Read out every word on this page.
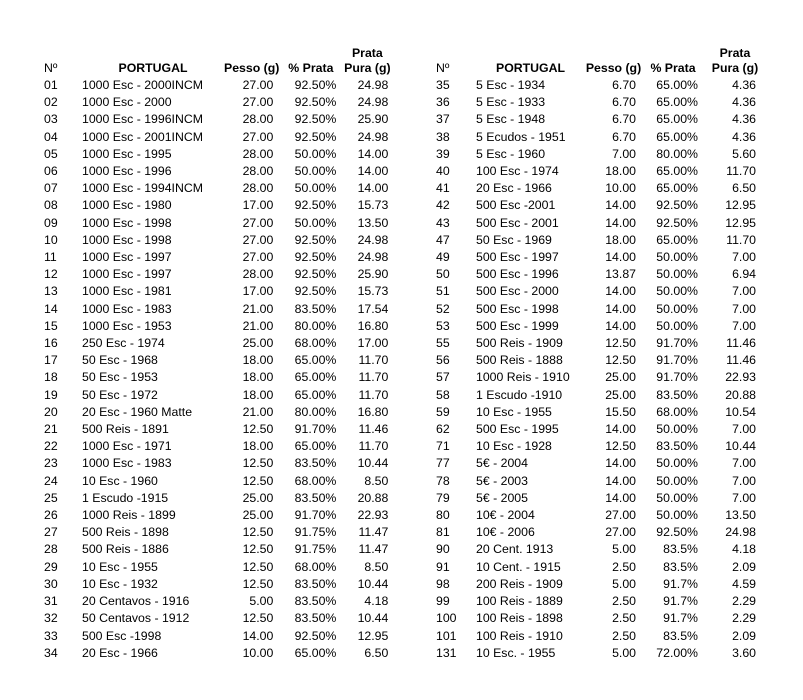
Nº	PORTUGAL	Pesso (g)	% Prata	Prata
Pura (g)
01	1000 Esc - 2000INCM	27.00	92.50%	24.98
02	1000 Esc - 2000	27.00	92.50%	24.98
03	1000 Esc - 1996INCM	28.00	92.50%	25.90
04	1000 Esc - 2001INCM	27.00	92.50%	24.98
05	1000 Esc - 1995	28.00	50.00%	14.00
06	1000 Esc - 1996	28.00	50.00%	14.00
07	1000 Esc - 1994INCM	28.00	50.00%	14.00
08	1000 Esc - 1980	17.00	92.50%	15.73
09	1000 Esc - 1998	27.00	50.00%	13.50
10	1000 Esc - 1998	27.00	92.50%	24.98
11	1000 Esc - 1997	27.00	92.50%	24.98
12	1000 Esc - 1997	28.00	92.50%	25.90
13	1000 Esc - 1981	17.00	92.50%	15.73
14	1000 Esc - 1983	21.00	83.50%	17.54
15	1000 Esc - 1953	21.00	80.00%	16.80
16	250 Esc - 1974	25.00	68.00%	17.00
17	50 Esc - 1968	18.00	65.00%	11.70
18	50 Esc - 1953	18.00	65.00%	11.70
19	50 Esc - 1972	18.00	65.00%	11.70
20	20 Esc - 1960 Matte	21.00	80.00%	16.80
21	500 Reis - 1891	12.50	91.70%	11.46
22	1000 Esc - 1971	18.00	65.00%	11.70
23	1000 Esc - 1983	12.50	83.50%	10.44
24	10 Esc - 1960	12.50	68.00%	8.50
25	1 Escudo -1915	25.00	83.50%	20.88
26	1000 Reis - 1899	25.00	91.70%	22.93
27	500 Reis - 1898	12.50	91.75%	11.47
28	500 Reis - 1886	12.50	91.75%	11.47
29	10 Esc - 1955	12.50	68.00%	8.50
30	10 Esc - 1932	12.50	83.50%	10.44
31	20 Centavos - 1916	5.00	83.50%	4.18
32	50 Centavos - 1912	12.50	83.50%	10.44
33	500 Esc -1998	14.00	92.50%	12.95
34	20 Esc - 1966	10.00	65.00%	6.50
Nº	PORTUGAL	Pesso (g)	% Prata	Prata
Pura (g)
35	5 Esc - 1934	6.70	65.00%	4.36
36	5 Esc - 1933	6.70	65.00%	4.36
37	5 Esc - 1948	6.70	65.00%	4.36
38	5 Ecudos - 1951	6.70	65.00%	4.36
39	5 Esc - 1960	7.00	80.00%	5.60
40	100 Esc - 1974	18.00	65.00%	11.70
41	20 Esc - 1966	10.00	65.00%	6.50
42	500 Esc -2001	14.00	92.50%	12.95
43	500 Esc - 2001	14.00	92.50%	12.95
47	50 Esc - 1969	18.00	65.00%	11.70
49	500 Esc - 1997	14.00	50.00%	7.00
50	500 Esc - 1996	13.87	50.00%	6.94
51	500 Esc - 2000	14.00	50.00%	7.00
52	500 Esc - 1998	14.00	50.00%	7.00
53	500 Esc - 1999	14.00	50.00%	7.00
55	500 Reis - 1909	12.50	91.70%	11.46
56	500 Reis - 1888	12.50	91.70%	11.46
57	1000 Reis - 1910	25.00	91.70%	22.93
58	1 Escudo -1910	25.00	83.50%	20.88
59	10 Esc - 1955	15.50	68.00%	10.54
62	500 Esc - 1995	14.00	50.00%	7.00
71	10 Esc - 1928	12.50	83.50%	10.44
77	5€ - 2004	14.00	50.00%	7.00
78	5€ - 2003	14.00	50.00%	7.00
79	5€ - 2005	14.00	50.00%	7.00
80	10€ - 2004	27.00	50.00%	13.50
81	10€ - 2006	27.00	92.50%	24.98
90	20 Cent. 1913	5.00	83.5%	4.18
91	10 Cent. - 1915	2.50	83.5%	2.09
98	200 Reis - 1909	5.00	91.7%	4.59
99	100 Reis - 1889	2.50	91.7%	2.29
100	100 Reis - 1898	2.50	91.7%	2.29
101	100 Reis - 1910	2.50	83.5%	2.09
131	10 Esc. - 1955	5.00	72.00%	3.60
